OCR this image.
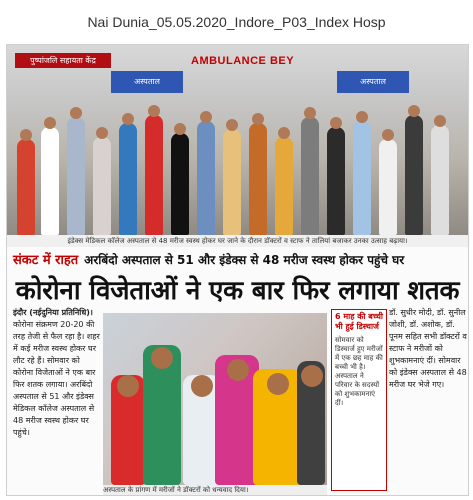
Nai Dunia_05.05.2020_Indore_P03_Index Hosp
पुष्पांजलि सहायता केंद्र	AMBULANCE BEY
अस्पताल	अस्पताल
इंडेक्स मेडिकल कॉलेज अस्पताल से 48 मरीज स्वस्थ होकर घर जाने के दौरान डॉक्टरों व स्टाफ ने तालियां बजाकर उनका उत्साह बढ़ाया।
संकट में राहत अरबिंदो अस्पताल से 51 और इंडेक्स से 48 मरीज स्वस्थ होकर पहुंचे घर
कोरोना विजेताओं ने एक बार फिर लगाया शतक
इंदौर (नईदुनिया प्रतिनिधि)।
कोरोना संक्रमण 20-20 की तरह तेजी से फैल रहा है। शहर में कई मरीज स्वस्थ होकर घर लौट रहे हैं। सोमवार को कोरोना विजेताओं ने एक बार फिर शतक लगाया। अरबिंदो अस्पताल से 51 और इंडेक्स मेडिकल कॉलेज अस्पताल से 48 मरीज स्वस्थ होकर घर पहुंचे।
अस्पताल के प्रांगण में मरीजों ने डॉक्टरों को धन्यवाद दिया।
6 माह की बच्ची भी हुई डिस्चार्ज
सोमवार को डिस्चार्ज हुए मरीजों में एक छह माह की बच्ची भी है। अस्पताल ने परिवार के सदस्यों को शुभकामनाएं दीं।
डॉ. सुधीर मोदी, डॉ. सुनील जोशी, डॉ. अशोक, डॉ. पूनम सहित सभी डॉक्टरों व स्टाफ ने मरीजों को शुभकामनाएं दीं। सोमवार को इंडेक्स अस्पताल से 48 मरीज घर भेजे गए।
